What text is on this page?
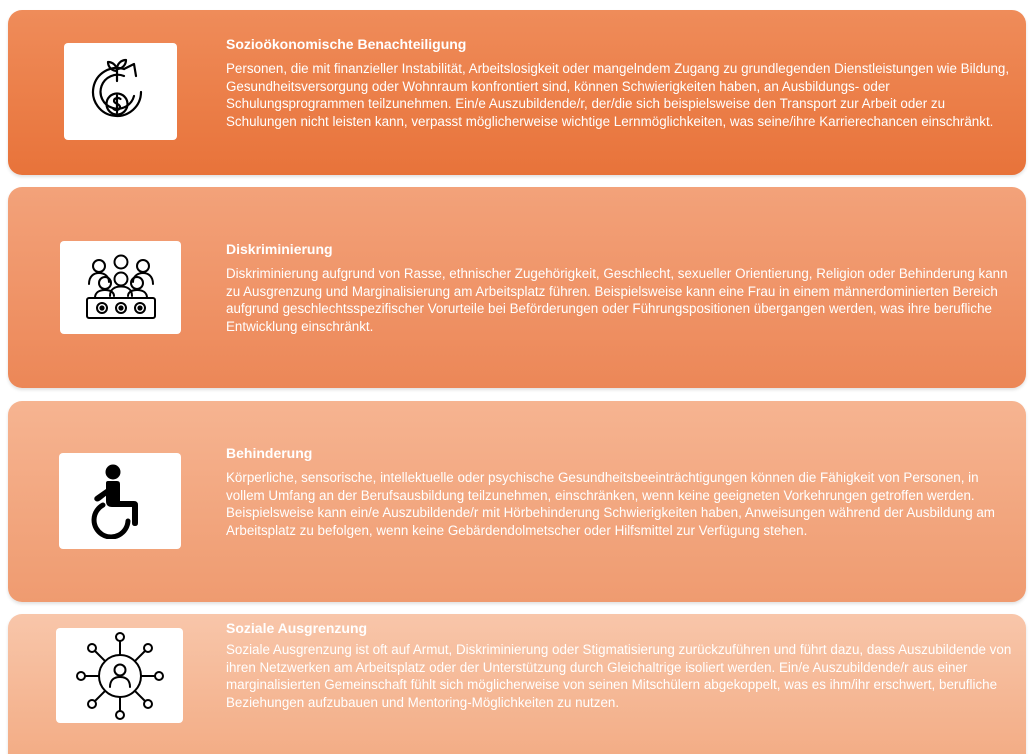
Sozioökonomische Benachteiligung

Personen, die mit finanzieller Instabilität, Arbeitslosigkeit oder mangelndem Zugang zu grundlegenden Dienstleistungen wie Bildung, Gesundheitsversorgung oder Wohnraum konfrontiert sind, können Schwierigkeiten haben, an Ausbildungs- oder Schulungsprogrammen teilzunehmen. Ein/e Auszubildende/r, der/die sich beispielsweise den Transport zur Arbeit oder zu Schulungen nicht leisten kann, verpasst möglicherweise wichtige Lernmöglichkeiten, was seine/ihre Karrierechancen einschränkt.

Diskriminierung

Diskriminierung aufgrund von Rasse, ethnischer Zugehörigkeit, Geschlecht, sexueller Orientierung, Religion oder Behinderung kann zu Ausgrenzung und Marginalisierung am Arbeitsplatz führen. Beispielsweise kann eine Frau in einem männerdominierten Bereich aufgrund geschlechtsspezifischer Vorurteile bei Beförderungen oder Führungspositionen übergangen werden, was ihre berufliche Entwicklung einschränkt.

Behinderung

Körperliche, sensorische, intellektuelle oder psychische Gesundheitsbeeinträchtigungen können die Fähigkeit von Personen, in vollem Umfang an der Berufsausbildung teilzunehmen, einschränken, wenn keine geeigneten Vorkehrungen getroffen werden. Beispielsweise kann ein/e Auszubildende/r mit Hörbehinderung Schwierigkeiten haben, Anweisungen während der Ausbildung am Arbeitsplatz zu befolgen, wenn keine Gebärdendolmetscher oder Hilfsmittel zur Verfügung stehen.

Soziale Ausgrenzung

Soziale Ausgrenzung ist oft auf Armut, Diskriminierung oder Stigmatisierung zurückzuführen und führt dazu, dass Auszubildende von ihren Netzwerken am Arbeitsplatz oder der Unterstützung durch Gleichaltrige isoliert werden. Ein/e Auszubildende/r aus einer marginalisierten Gemeinschaft fühlt sich möglicherweise von seinen Mitschülern abgekoppelt, was es ihm/ihr erschwert, berufliche Beziehungen aufzubauen und Mentoring-Möglichkeiten zu nutzen.
